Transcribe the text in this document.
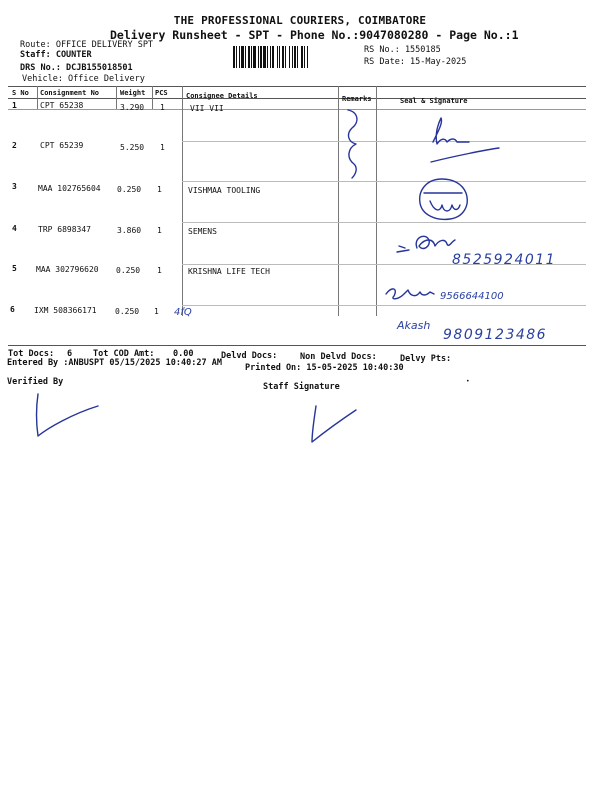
THE PROFESSIONAL COURIERS, COIMBATORE
Delivery Runsheet - SPT - Phone No.:9047080280 - Page No.:1
Route: OFFICE DELIVERY SPT
Staff: COUNTER
DRS No.: DCJB155018501
Vehicle: Office Delivery
RS No.: 1550185
RS Date: 15-May-2025
S No Consignment No	Weight PCS	Consignee Details	Remarks	Seal & Signature
1	CPT 65238	3.290 1	VII VII
2	CPT 65239	5.250 1
3	MAA 102765604 0.250 1	VISHMAA TOOLING
4	TRP 6898347	3.860 1	SEMENS
5 MAA 302796620 0.250 1	KRISHNA LIFE TECH
6 IXM 508366171 0.250 1
8525924011
9566644100
4fQ
Akash
9809123486
Tot Docs: 6 Tot COD Amt: 0.00	Delvd Docs:	Non Delvd Docs:	Delvy Pts:
Entered By :ANBUSPT 05/15/2025 10:40:27 AM	Printed On: 15-05-2025 10:40:30
Verified By	Staff Signature
•
